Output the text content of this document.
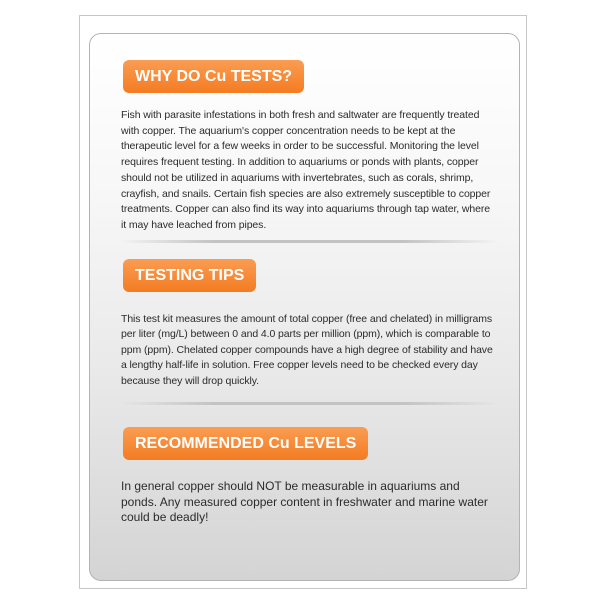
WHY DO Cu TESTS?

Fish with parasite infestations in both fresh and saltwater are frequently treated with copper. The aquarium's copper concentration needs to be kept at the therapeutic level for a few weeks in order to be successful. Monitoring the level requires frequent testing. In addition to aquariums or ponds with plants, copper should not be utilized in aquariums with invertebrates, such as corals, shrimp, crayfish, and snails. Certain fish species are also extremely susceptible to copper treatments. Copper can also find its way into aquariums through tap water, where it may have leached from pipes.

TESTING TIPS

This test kit measures the amount of total copper (free and chelated) in milligrams per liter (mg/L) between 0 and 4.0 parts per million (ppm), which is comparable to ppm (ppm). Chelated copper compounds have a high degree of stability and have a lengthy half-life in solution. Free copper levels need to be checked every day because they will drop quickly.

RECOMMENDED Cu LEVELS

In general copper should NOT be measurable in aquariums and ponds. Any measured copper content in freshwater and marine water could be deadly!
